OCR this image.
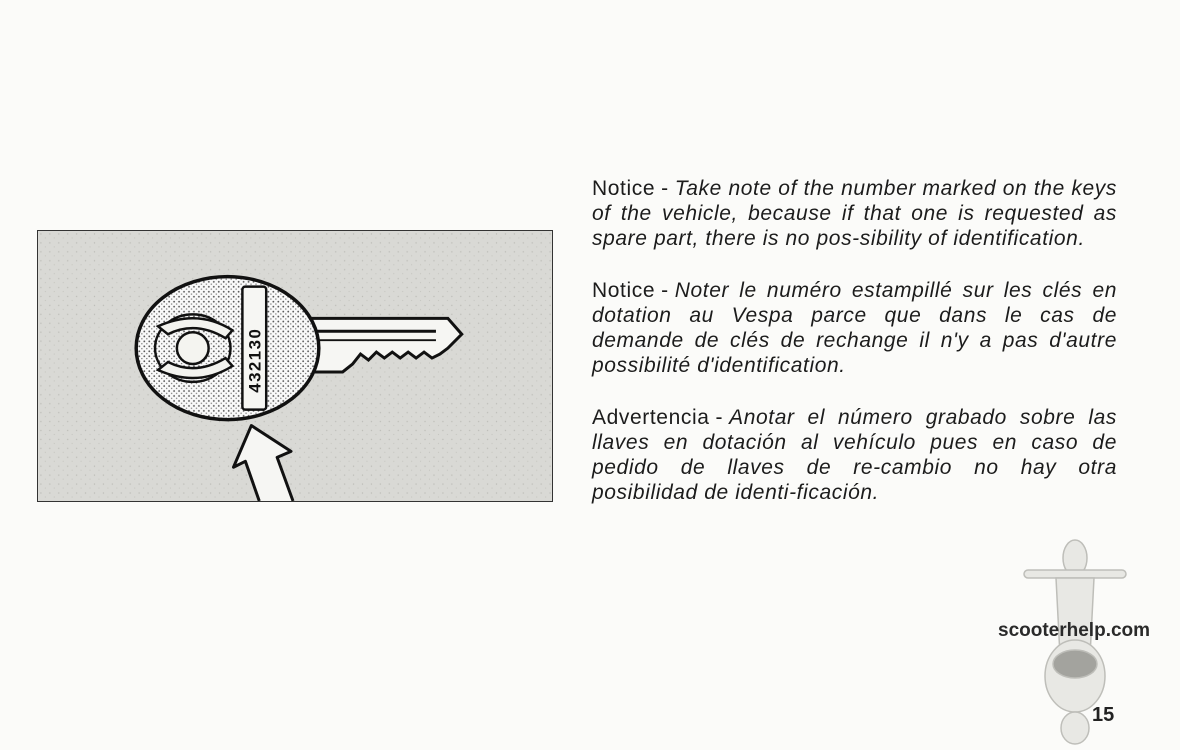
432130

Notice - Take note of the number marked on the keys of the vehicle, because if that one is requested as spare part, there is no pos-sibility of identification.

Notice - Noter le numéro estampillé sur les clés en dotation au Vespa parce que dans le cas de demande de clés de rechange il n'y a pas d'autre possibilité d'identification.

Advertencia - Anotar el número grabado sobre las llaves en dotación al vehículo pues en caso de pedido de llaves de re-cambio no hay otra posibilidad de identi-ficación.

scooterhelp.com
15
